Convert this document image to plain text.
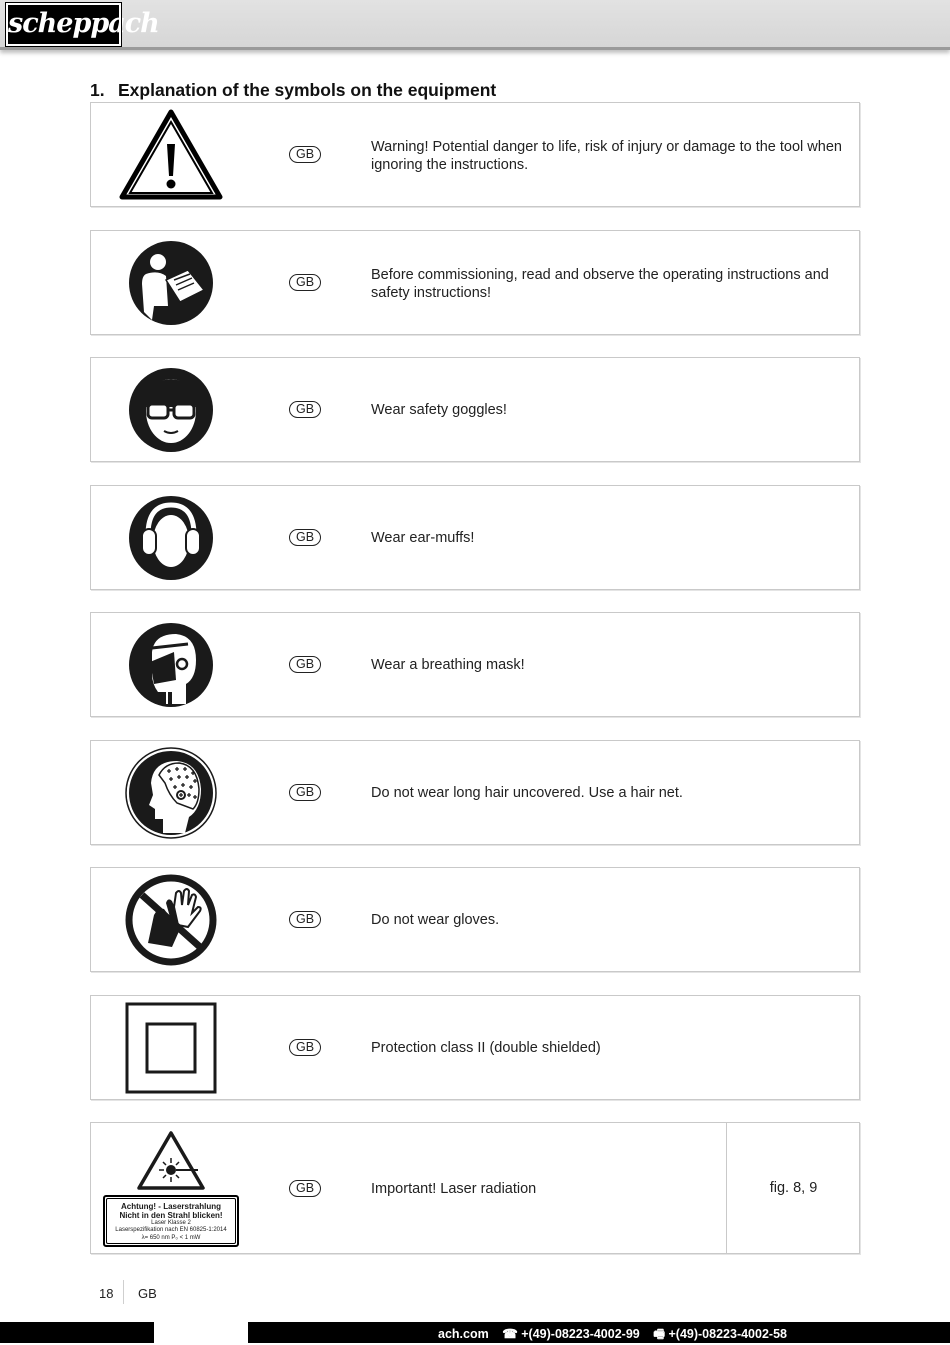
scheppach
1. Explanation of the symbols on the equipment
GB	Warning! Potential danger to life, risk of injury or damage to the tool when ignoring the instructions.
GB	Before commissioning, read and observe the operating instructions and safety instructions!
GB	Wear safety goggles!
GB	Wear ear-muffs!
GB	Wear a breathing mask!
GB	Do not wear long hair uncovered. Use a hair net.
GB	Do not wear gloves.
GB	Protection class II (double shielded)
Achtung! - Laserstrahlung
Nicht in den Strahl blicken!
Laser Klasse 2
Laserspezifikation nach EN 60825-1:2014
λ= 650 nm P₀ < 1 mW
GB	Important! Laser radiation	fig. 8, 9
18 GB
ach.com ☎ +(49)-08223-4002-99 🖷 +(49)-08223-4002-58
